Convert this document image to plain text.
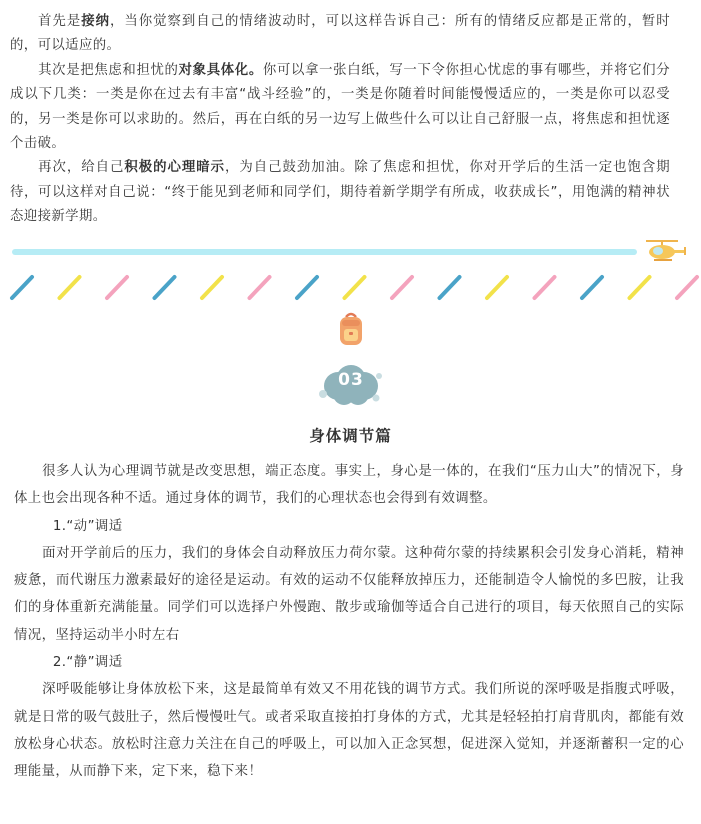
首先是接纳，当你觉察到自己的情绪波动时，可以这样告诉自己：所有的情绪反应都是正常的，暂时的，可以适应的。

其次是把焦虑和担忧的对象具体化。你可以拿一张白纸，写一下令你担心忧虑的事有哪些，并将它们分成以下几类：一类是你在过去有丰富“战斗经验”的，一类是你随着时间能慢慢适应的，一类是你可以忍受的，另一类是你可以求助的。然后，再在白纸的另一边写上做些什么可以让自己舒服一点，将焦虑和担忧逐个击破。

再次，给自己积极的心理暗示，为自己鼓劲加油。除了焦虑和担忧，你对开学后的生活一定也饱含期待，可以这样对自己说：“终于能见到老师和同学们，期待着新学期学有所成，收获成长”，用饱满的精神状态迎接新学期。

03
身体调节篇

很多人认为心理调节就是改变思想，端正态度。事实上，身心是一体的，在我们“压力山大”的情况下，身体上也会出现各种不适。通过身体的调节，我们的心理状态也会得到有效调整。

1.“动”调适

面对开学前后的压力，我们的身体会自动释放压力荷尔蒙。这种荷尔蒙的持续累积会引发身心消耗，精神疲惫，而代谢压力激素最好的途径是运动。有效的运动不仅能释放掉压力，还能制造令人愉悦的多巴胺，让我们的身体重新充满能量。同学们可以选择户外慢跑、散步或瑜伽等适合自己进行的项目，每天依照自己的实际情况，坚持运动半小时左右

2.“静”调适

深呼吸能够让身体放松下来，这是最简单有效又不用花钱的调节方式。我们所说的深呼吸是指腹式呼吸，就是日常的吸气鼓肚子，然后慢慢吐气。或者采取直接拍打身体的方式，尤其是轻轻拍打肩背肌肉，都能有效放松身心状态。放松时注意力关注在自己的呼吸上，可以加入正念冥想，促进深入觉知，并逐渐蓄积一定的心理能量，从而静下来，定下来，稳下来！
